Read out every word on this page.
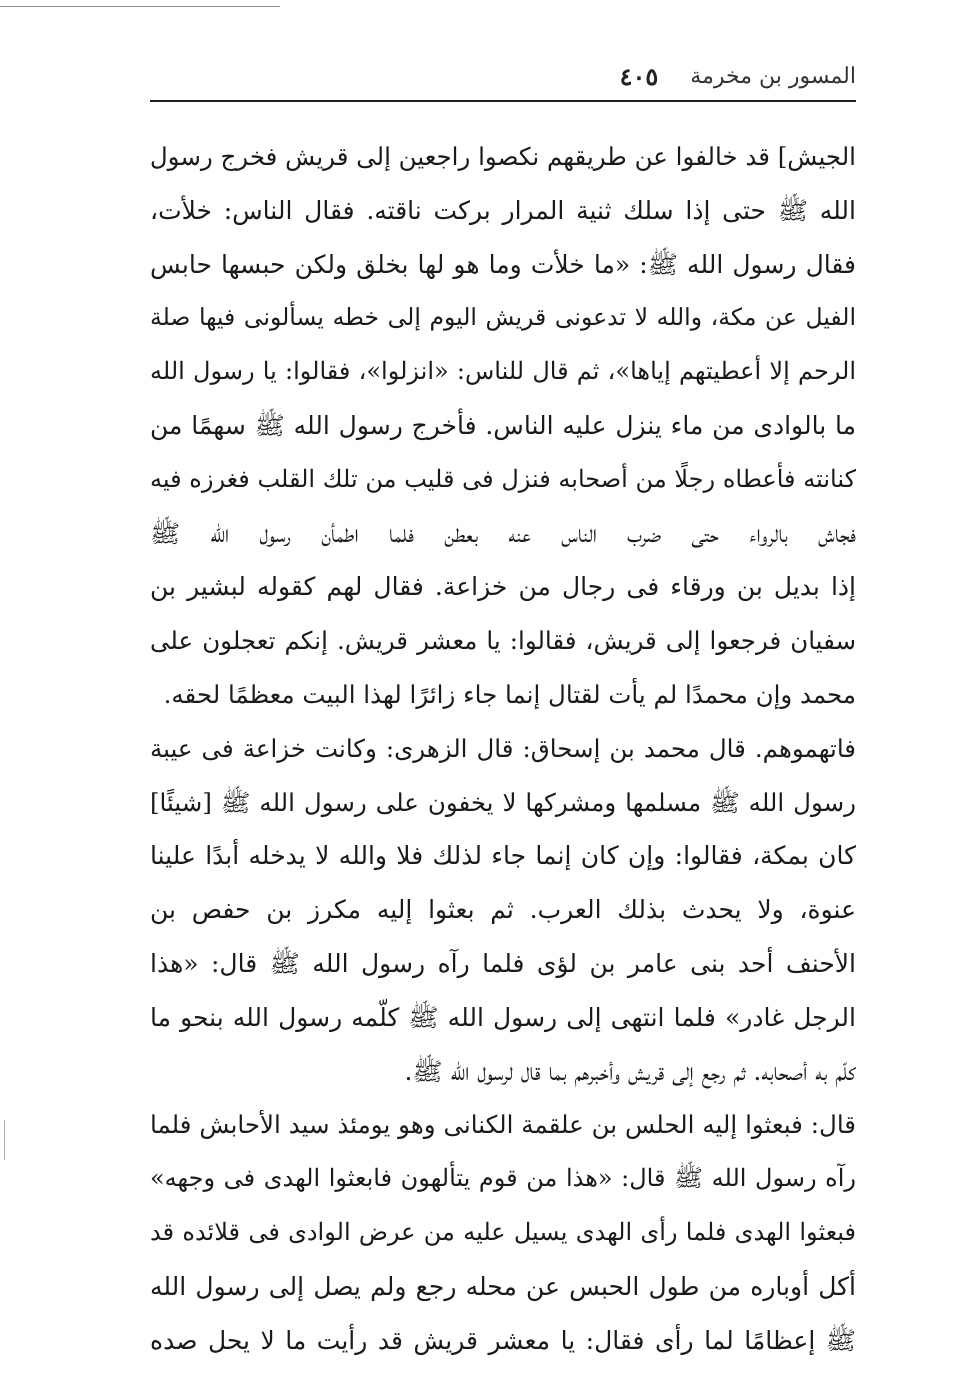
المسور بن مخرمة
٤٠٥
الجيش] قد خالفوا عن طريقهم نكصوا راجعين إلى قريش فخرج رسول
الله ﷺ حتى إذا سلك ثنية المرار بركت ناقته. فقال الناس: خلأت،
فقال رسول الله ﷺ: «ما خلأت وما هو لها بخلق ولكن حبسها حابس
الفيل عن مكة، والله لا تدعونى قريش اليوم إلى خطه يسألونى فيها صلة
الرحم إلا أعطيتهم إياها»، ثم قال للناس: «انزلوا»، فقالوا: يا رسول الله
ما بالوادى من ماء ينزل عليه الناس. فأخرج رسول الله ﷺ سهمًا من
كنانته فأعطاه رجلًا من أصحابه فنزل فى قليب من تلك القلب فغرزه فيه
فجاش بالرواء حتى ضرب الناس عنه بعطن فلما اطمأن رسول الله ﷺ
إذا بديل بن ورقاء فى رجال من خزاعة. فقال لهم كقوله لبشير بن
سفيان فرجعوا إلى قريش، فقالوا: يا معشر قريش. إنكم تعجلون على
محمد وإن محمدًا لم يأت لقتال إنما جاء زائرًا لهذا البيت معظمًا لحقه.
فاتهموهم. قال محمد بن إسحاق: قال الزهرى: وكانت خزاعة فى عيبة
رسول الله ﷺ مسلمها ومشركها لا يخفون على رسول الله ﷺ [شيئًا]
كان بمكة، فقالوا: وإن كان إنما جاء لذلك فلا والله لا يدخله أبدًا علينا
عنوة، ولا يحدث بذلك العرب. ثم بعثوا إليه مكرز بن حفص بن
الأحنف أحد بنى عامر بن لؤى فلما رآه رسول الله ﷺ قال: «هذا
الرجل غادر» فلما انتهى إلى رسول الله ﷺ كلّمه رسول الله بنحو ما
كلّم به أصحابه. ثم رجع إلى قريش وأخبرهم بما قال لرسول الله ﷺ.
قال: فبعثوا إليه الحلس بن علقمة الكنانى وهو يومئذ سيد الأحابش فلما
رآه رسول الله ﷺ قال: «هذا من قوم يتألهون فابعثوا الهدى فى وجهه»
فبعثوا الهدى فلما رأى الهدى يسيل عليه من عرض الوادى فى قلائده قد
أكل أوباره من طول الحبس عن محله رجع ولم يصل إلى رسول الله
ﷺ إعظامًا لما رأى فقال: يا معشر قريش قد رأيت ما لا يحل صده
